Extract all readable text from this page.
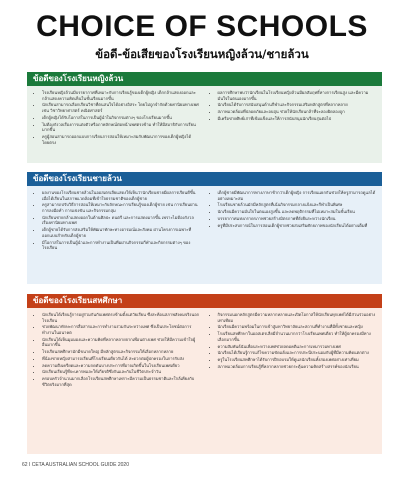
CHOICE OF SCHOOLS
ข้อดี-ข้อเสียของโรงเรียนหญิงล้วน/ชายล้วน
ข้อดีของโรงเรียนหญิงล้วน
• โรงเรียนหญิงล้วนมีบรรยากาศที่เหมาะกับการเรียนรู้ของเด็กผู้หญิง เด็กกล้าแสดงออกและกล้าแสดงความคิดเห็นในชั้นเรียนมากขึ้น
• นักเรียนสามารถเลือกเรียนวิชาที่ตนสนใจได้อย่างอิสระ โดยไม่ถูกจำกัดด้วยค่านิยมทางเพศ เช่น วิชาวิทยาศาสตร์ คณิตศาสตร์
• เด็กผู้หญิงได้รับโอกาสในการเป็นผู้นำในกิจกรรมต่างๆ ของโรงเรียนมากขึ้น
• ไม่ต้องกังวลเรื่องการแต่งตัวหรือภาพลักษณ์ต่อหน้าเพศตรงข้าม ทำให้มีสมาธิกับการเรียนมากขึ้น
• ครูผู้สอนสามารถออกแบบการเรียนการสอนให้เหมาะสมกับพัฒนาการของเด็กผู้หญิงได้โดยตรง
• ผลการศึกษาพบว่านักเรียนในโรงเรียนหญิงล้วนมีผลสัมฤทธิ์ทางการเรียนสูง และมีความมั่นใจในตนเองมากขึ้น
• นักเรียนได้รับการสนับสนุนด้านกีฬาและกิจกรรมเสริมหลักสูตรที่หลากหลาย
• สภาพแวดล้อมที่ปลอดภัยและอบอุ่น ช่วยให้นักเรียนกล้าที่จะลองผิดลองถูก
• มีเครือข่ายศิษย์เก่าที่เข้มแข็งและให้การสนับสนุนนักเรียนรุ่นต่อไป
ข้อดีของโรงเรียนชายล้วน
• ผลงานของโรงเรียนชายล้วนในออสเตรเลียแสดงให้เห็นว่านักเรียนชายมีผลการเรียนดีขึ้นเมื่อได้เรียนในสภาพแวดล้อมที่เข้าใจธรรมชาติของเด็กผู้ชาย
• ครูสามารถปรับวิธีการสอนให้เหมาะกับลักษณะการเรียนรู้ของเด็กผู้ชาย เช่น การเรียนผ่านการลงมือทำ การแข่งขัน และกิจกรรมกลุ่ม
• นักเรียนชายกล้าแสดงออกในด้านศิลปะ ดนตรี และการแสดงมากขึ้น เพราะไม่ต้องกังวลเรื่องค่านิยมทางเพศ
• เด็กผู้ชายได้รับการส่งเสริมให้พัฒนาทักษะทางอารมณ์และสังคม ผ่านโครงการเฉพาะที่ออกแบบสำหรับเด็กผู้ชาย
• มีโอกาสในการเป็นผู้นำและการทำงานเป็นทีมผ่านกิจกรรมกีฬาและกิจกรรมต่างๆ ของโรงเรียน
• เด็กผู้ชายมีพัฒนาการทางภาษาช้ากว่าเด็กผู้หญิง การเรียนแยกกันช่วยให้ครูสามารถดูแลได้อย่างเหมาะสม
• โรงเรียนชายล้วนมักมีหลักสูตรที่เน้นกิจกรรมกลางแจ้งและกีฬาเป็นพิเศษ
• นักเรียนมีความมั่นใจในตนเองสูงขึ้น และลดพฤติกรรมที่ไม่เหมาะสมในชั้นเรียน
• บรรยากาศแห่งภราดรภาพช่วยสร้างมิตรภาพที่ยั่งยืนระหว่างนักเรียน
• ครูที่มีประสบการณ์ในการสอนเด็กผู้ชายช่วยส่งเสริมศักยภาพของนักเรียนได้อย่างเต็มที่
ข้อดีของโรงเรียนสหศึกษา
• นักเรียนได้เรียนรู้การอยู่ร่วมกันกับเพศตรงข้ามตั้งแต่วัยเรียน ซึ่งสะท้อนสภาพสังคมจริงนอกโรงเรียน
• ช่วยพัฒนาทักษะการสื่อสารและการทำงานร่วมกันระหว่างเพศ ซึ่งเป็นประโยชน์ต่อการทำงานในอนาคต
• นักเรียนได้เห็นมุมมองและความคิดที่หลากหลายจากเพื่อนต่างเพศ ช่วยให้มีความเข้าใจผู้อื่นมากขึ้น
• โรงเรียนสหศึกษามักมีขนาดใหญ่ มีหลักสูตรและกิจกรรมให้เลือกหลากหลาย
• พี่น้องชายหญิงสามารถเรียนที่โรงเรียนเดียวกันได้ สะดวกต่อผู้ปกครองในการรับส่ง
• ลดความตึงเครียดและความกดดันบางประการที่อาจเกิดขึ้นในโรงเรียนเพศเดียว
• นักเรียนเรียนรู้ที่จะเคารพและให้เกียรติซึ่งกันและกันในชีวิตประจำวัน
• ครอบครัวจำนวนมากเลือกโรงเรียนสหศึกษาเพราะมีความเป็นธรรมชาติและใกล้เคียงกับชีวิตจริงมากที่สุด
• กิจกรรมนอกหลักสูตรมีความหลากหลายและเปิดโอกาสให้นักเรียนทุกเพศได้มีส่วนร่วมอย่างเท่าเทียม
• นักเรียนมีความพร้อมในการเข้าสู่มหาวิทยาลัยและสถานที่ทำงานที่มีทั้งชายและหญิง
• โรงเรียนสหศึกษาในออสเตรเลียมีจำนวนมากกว่าโรงเรียนเพศเดียว ทำให้ผู้ปกครองมีทางเลือกมากขึ้น
• ความสัมพันธ์ฉันเพื่อนระหว่างเพศช่วยลดอคติและการเหมารวมทางเพศ
• นักเรียนได้เรียนรู้การแก้ไขความขัดแย้งและการประนีประนอมกับผู้ที่มีความคิดแตกต่าง
• ครูในโรงเรียนสหศึกษาได้รับการฝึกอบรมให้ดูแลนักเรียนทั้งสองเพศอย่างเท่าเทียม
• สภาพแวดล้อมการเรียนรู้ที่หลากหลายช่วยกระตุ้นความคิดสร้างสรรค์ของนักเรียน
62 I CETA AUSTRALIAN SCHOOL GUIDE 2020
